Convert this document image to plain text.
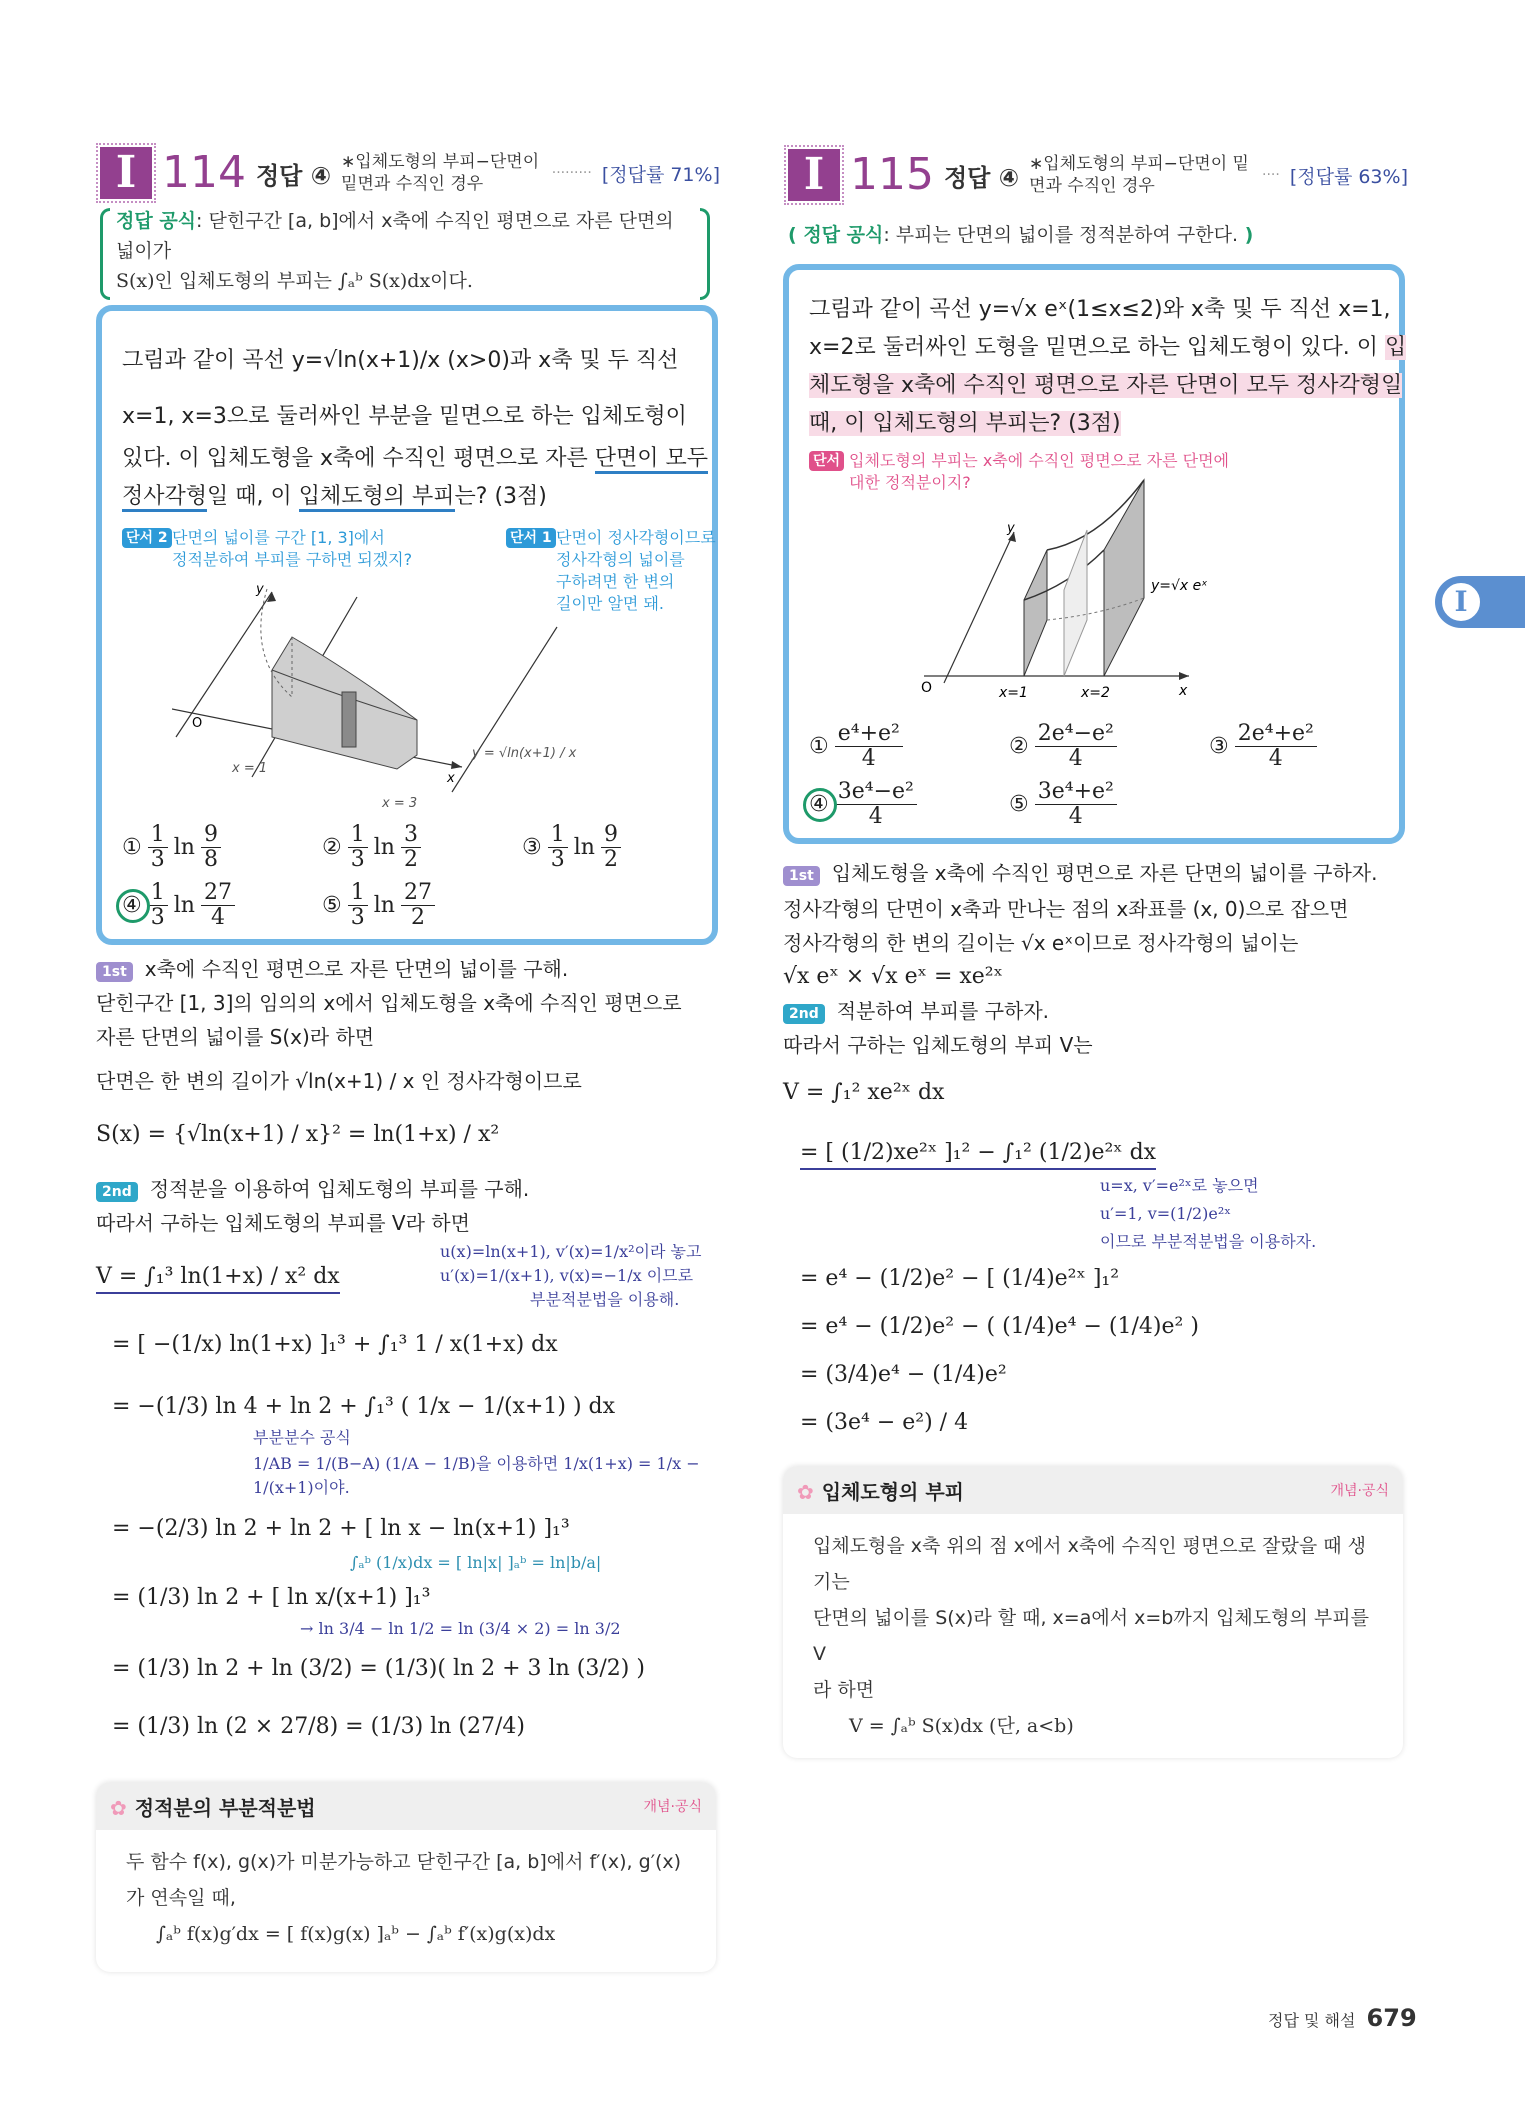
I 114 정답 ④ ∗입체도형의 부피−단면이 밑면과 수직인 경우
········· [정답률 71%]
정답 공식: 닫힌구간 [a, b]에서 x축에 수직인 평면으로 자른 단면의 넓이가
S(x)인 입체도형의 부피는 ∫ₐᵇ S(x)dx이다.
그림과 같이 곡선 y=√ln(x+1)/x (x>0)과 x축 및 두 직선
x=1, x=3으로 둘러싸인 부분을 밑면으로 하는 입체도형이
있다. 이 입체도형을 x축에 수직인 평면으로 자른 단면이 모두
정사각형일 때, 이 입체도형의 부피는? (3점)
단서 1 단면이 정사각형이므로
정사각형의 넓이를
구하려면 한 변의
길이만 알면 돼.
단서 2 단면의 넓이를 구간 [1, 3]에서
정적분하여 부피를 구하면 되겠지?
y
O
x
x = 1
x = 3
y = √ln(x+1) / x
① $\frac{1}{3}$ $\ln \frac{9}{8}$	② $\frac{1}{3}$ $\ln \frac{3}{2}$	③ $\frac{1}{3}$ $\ln \frac{9}{2}$
④ $\frac{1}{3}$ $\ln \frac{27}{4}$	⑤ $\frac{1}{3}$ $\ln \frac{27}{2}$
1st x축에 수직인 평면으로 자른 단면의 넓이를 구해.
닫힌구간 [1, 3]의 임의의 x에서 입체도형을 x축에 수직인 평면으로
자른 단면의 넓이를 S(x)라 하면
단면은 한 변의 길이가 √ln(x+1) / x 인 정사각형이므로
S(x) = {√ln(x+1) / x}² = ln(1+x) / x²
2nd 정적분을 이용하여 입체도형의 부피를 구해.
따라서 구하는 입체도형의 부피를 V라 하면
V = ∫₁³ ln(1+x) / x² dx
u(x)=ln(x+1), v′(x)=1/x²이라 놓고
u′(x)=1/(x+1), v(x)=−1/x 이므로
부분적분법을 이용해.
= [ −(1/x) ln(1+x) ]₁³ + ∫₁³ 1 / x(1+x) dx
= −(1/3) ln 4 + ln 2 + ∫₁³ ( 1/x − 1/(x+1) ) dx
부분분수 공식
1/AB = 1/(B−A) (1/A − 1/B)을 이용하면 1/x(1+x) = 1/x − 1/(x+1)이야.
= −(2/3) ln 2 + ln 2 + [ ln x − ln(x+1) ]₁³
∫ₐᵇ (1/x)dx = [ ln|x| ]ₐᵇ = ln|b/a|
= (1/3) ln 2 + [ ln x/(x+1) ]₁³
→ ln 3/4 − ln 1/2 = ln (3/4 × 2) = ln 3/2
= (1/3) ln 2 + ln (3/2) = (1/3)( ln 2 + 3 ln (3/2) )
= (1/3) ln (2 × 27/8) = (1/3) ln (27/4)
✿ 정적분의 부분적분법	개념·공식
두 함수 f(x), g(x)가 미분가능하고 닫힌구간 [a, b]에서 f′(x), g′(x)
가 연속일 때,
∫ₐᵇ f(x)g′dx = [ f(x)g(x) ]ₐᵇ − ∫ₐᵇ f′(x)g(x)dx
I 115 정답 ④ ∗입체도형의 부피−단면이 밑면과 수직인 경우
···· [정답률 63%]
( 정답 공식: 부피는 단면의 넓이를 정적분하여 구한다. )
그림과 같이 곡선 y=√x eˣ(1≤x≤2)와 x축 및 두 직선 x=1,
x=2로 둘러싸인 도형을 밑면으로 하는 입체도형이 있다. 이 입
체도형을 x축에 수직인 평면으로 자른 단면이 모두 정사각형일
때, 이 입체도형의 부피는? (3점)
단서 입체도형의 부피는 x축에 수직인 평면으로 자른 단면에
대한 정적분이지?
y
O	x
x=1	x=2
y=√x eˣ
① $\frac{\text{e⁴+e²}}{4}$	② $\frac{\text{2e⁴−e²}}{4}$	③ $\frac{\text{2e⁴+e²}}{4}$
④ $\frac{\text{3e⁴−e²}}{4}$	⑤ $\frac{\text{3e⁴+e²}}{4}$
1st 입체도형을 x축에 수직인 평면으로 자른 단면의 넓이를 구하자.
정사각형의 단면이 x축과 만나는 점의 x좌표를 (x, 0)으로 잡으면
정사각형의 한 변의 길이는 √x eˣ이므로 정사각형의 넓이는
√x eˣ × √x eˣ = xe²ˣ
2nd 적분하여 부피를 구하자.
따라서 구하는 입체도형의 부피 V는
V = ∫₁² xe²ˣ dx
= [ (1/2)xe²ˣ ]₁² − ∫₁² (1/2)e²ˣ dx
u=x, v′=e²ˣ로 놓으면
u′=1, v=(1/2)e²ˣ
이므로 부분적분법을 이용하자.
= e⁴ − (1/2)e² − [ (1/4)e²ˣ ]₁²
= e⁴ − (1/2)e² − ( (1/4)e⁴ − (1/4)e² )
= (3/4)e⁴ − (1/4)e²
= (3e⁴ − e²) / 4
✿ 입체도형의 부피	개념·공식
입체도형을 x축 위의 점 x에서 x축에 수직인 평면으로 잘랐을 때 생기는
단면의 넓이를 S(x)라 할 때, x=a에서 x=b까지 입체도형의 부피를 V
라 하면
V = ∫ₐᵇ S(x)dx (단, a<b)
I
정답 및 해설 679
